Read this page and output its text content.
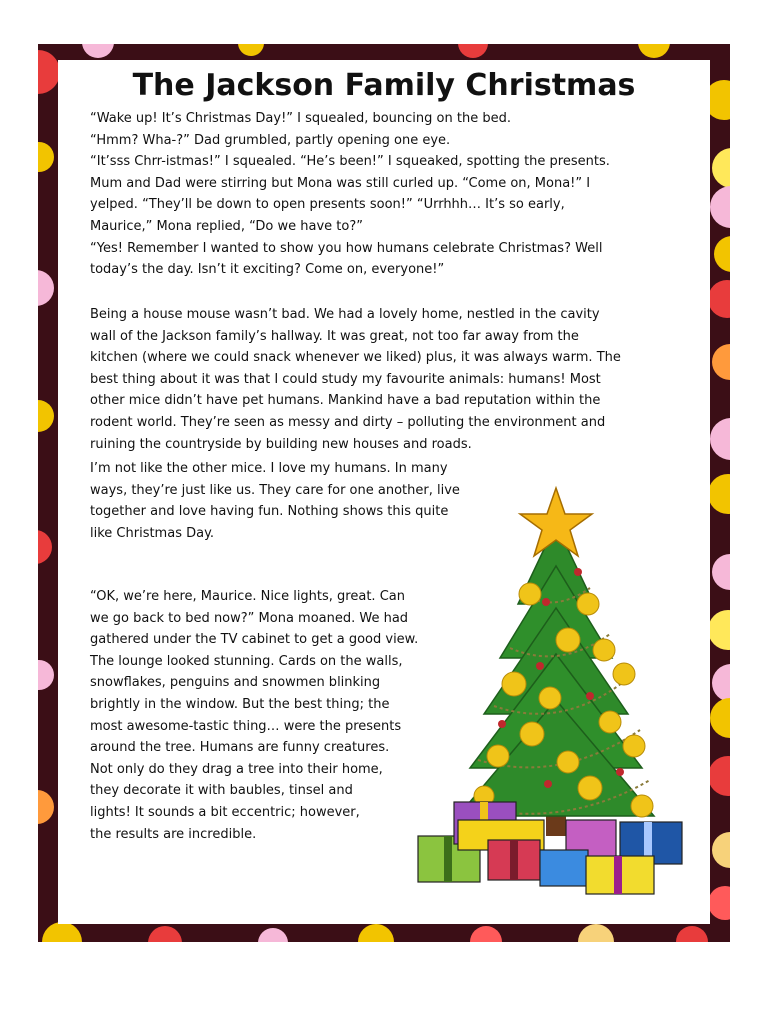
The Jackson Family Christmas
“Wake up! It’s Christmas Day!” I squealed, bouncing on the bed.
“Hmm? Wha-?” Dad grumbled, partly opening one eye.
“It’sss Chrr-istmas!” I squealed. “He’s been!” I squeaked, spotting the presents.
Mum and Dad were stirring but Mona was still curled up. “Come on, Mona!” I
yelped. “They’ll be down to open presents soon!” “Urrhhh… It’s so early,
Maurice,” Mona replied, “Do we have to?”
“Yes! Remember I wanted to show you how humans celebrate Christmas? Well
today’s the day. Isn’t it exciting? Come on, everyone!”
Being a house mouse wasn’t bad. We had a lovely home, nestled in the cavity
wall of the Jackson family’s hallway. It was great, not too far away from the
kitchen (where we could snack whenever we liked) plus, it was always warm. The
best thing about it was that I could study my favourite animals: humans! Most
other mice didn’t have pet humans. Mankind have a bad reputation within the
rodent world. They’re seen as messy and dirty – polluting the environment and
ruining the countryside by building new houses and roads.
I’m not like the other mice. I love my humans. In many
ways, they’re just like us. They care for one another, live
together and love having fun. Nothing shows this quite
like Christmas Day.
“OK, we’re here, Maurice. Nice lights, great. Can
we go back to bed now?” Mona moaned. We had
gathered under the TV cabinet to get a good view.
The lounge looked stunning. Cards on the walls,
snowflakes, penguins and snowmen blinking
brightly in the window. But the best thing; the
most awesome-tastic thing… were the presents
around the tree. Humans are funny creatures.
Not only do they drag a tree into their home,
they decorate it with baubles, tinsel and
lights! It sounds a bit eccentric; however,
the results are incredible.
